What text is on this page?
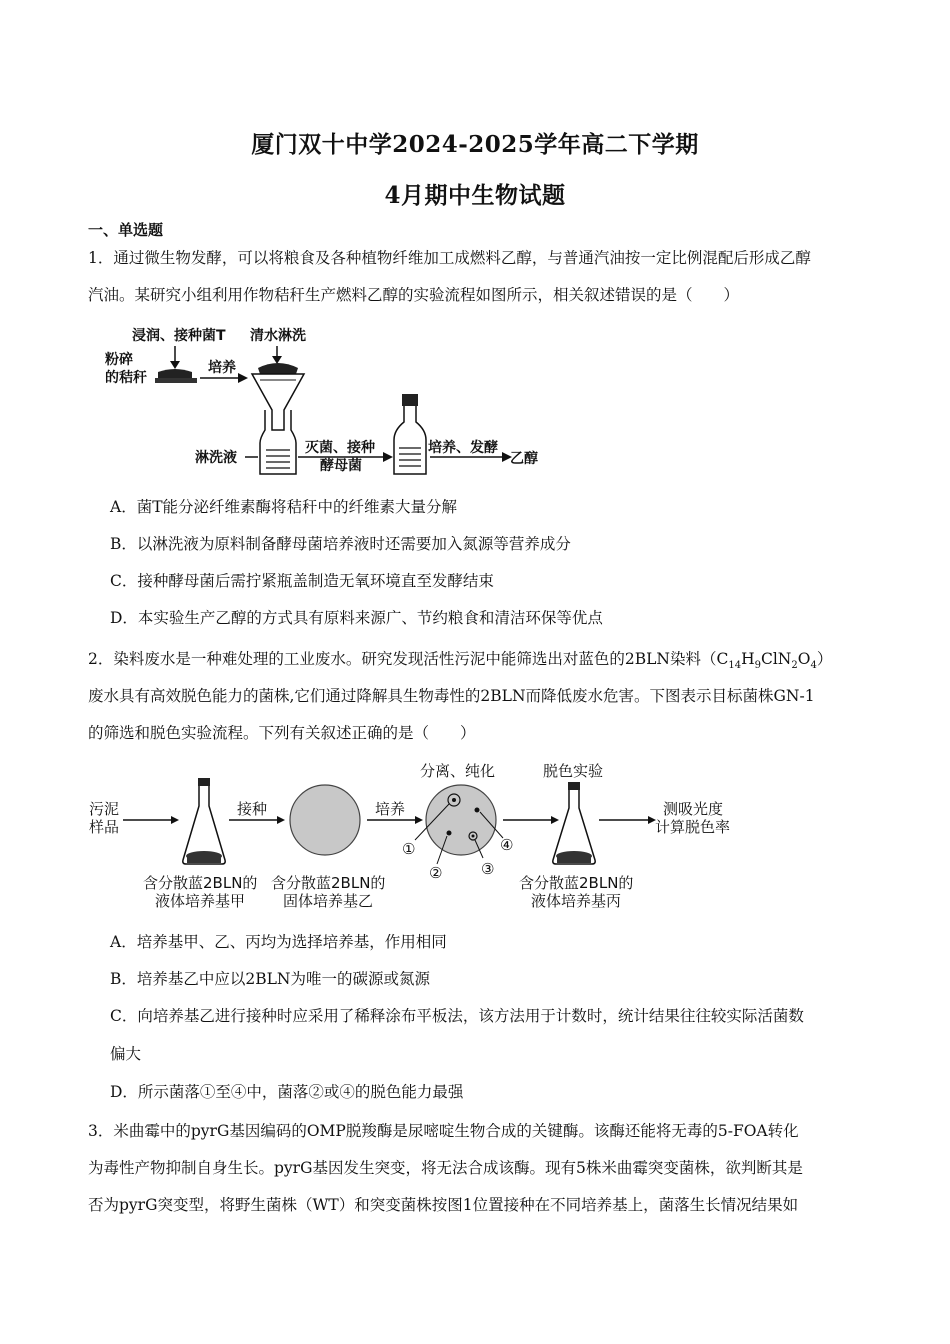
厦门双十中学2024-2025学年高二下学期
4月期中生物试题
一、单选题
1．通过微生物发酵，可以将粮食及各种植物纤维加工成燃料乙醇，与普通汽油按一定比例混配后形成乙醇
汽油。某研究小组利用作物秸秆生产燃料乙醇的实验流程如图所示，相关叙述错误的是（　　）
浸润、接种菌T 清水淋洗
粉碎
的秸秆
培养
淋洗液
灭菌、接种
酵母菌
培养、发酵
乙醇
A．菌T能分泌纤维素酶将秸秆中的纤维素大量分解
B．以淋洗液为原料制备酵母菌培养液时还需要加入氮源等营养成分
C．接种酵母菌后需拧紧瓶盖制造无氧环境直至发酵结束
D．本实验生产乙醇的方式具有原料来源广、节约粮食和清洁环保等优点
2．染料废水是一种难处理的工业废水。研究发现活性污泥中能筛选出对蓝色的2BLN染料$(C_{14}H_9ClN_2O_4)$
废水具有高效脱色能力的菌株,它们通过降解具生物毒性的2BLN而降低废水危害。下图表示目标菌株GN-1
的筛选和脱色实验流程。下列有关叙述正确的是（　　）
污泥
样品
接种	培养
分离、纯化
①
②	③
④
脱色实验
测吸光度
计算脱色率
含分散蓝2BLN的
液体培养基甲
含分散蓝2BLN的
固体培养基乙
含分散蓝2BLN的
液体培养基丙
A．培养基甲、乙、丙均为选择培养基，作用相同
B．培养基乙中应以2BLN为唯一的碳源或氮源
C．向培养基乙进行接种时应采用了稀释涂布平板法，该方法用于计数时，统计结果往往较实际活菌数
偏大
D．所示菌落①至④中，菌落②或④的脱色能力最强
3．米曲霉中的pyrG基因编码的OMP脱羧酶是尿嘧啶生物合成的关键酶。该酶还能将无毒的5-FOA转化
为毒性产物抑制自身生长。pyrG基因发生突变，将无法合成该酶。现有5株米曲霉突变菌株，欲判断其是
否为pyrG突变型，将野生菌株（WT）和突变菌株按图1位置接种在不同培养基上，菌落生长情况结果如
